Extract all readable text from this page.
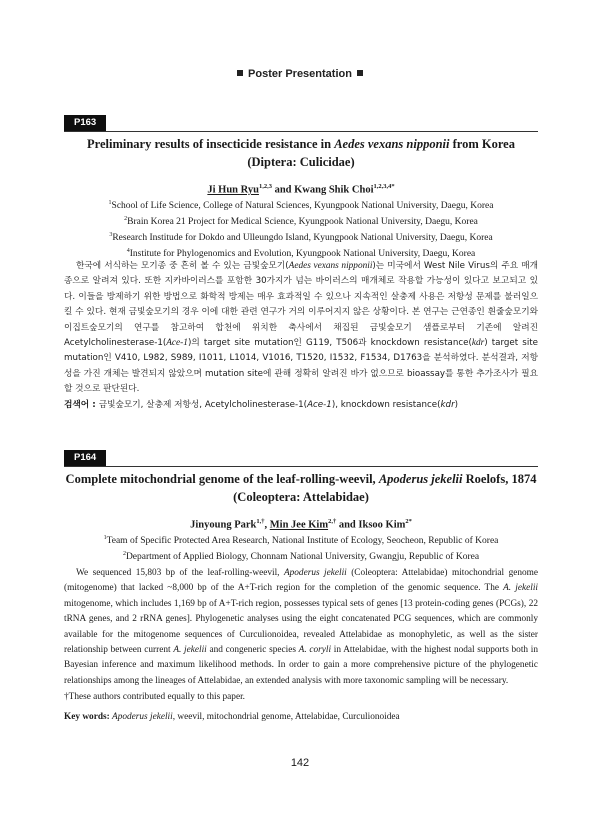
Poster Presentation
P163
Preliminary results of insecticide resistance in Aedes vexans nipponii from Korea
(Diptera: Culicidae)
Ji Hun Ryu$^{1,2,3}$ and Kwang Shik Choi$^{1,2,3,4*}$
$^1$School of Life Science, College of Natural Sciences, Kyungpook National University, Daegu, Korea
$^2$Brain Korea 21 Project for Medical Science, Kyungpook National University, Daegu, Korea
$^3$Research Institude for Dokdo and Ulleungdo Island, Kyungpook National University, Daegu, Korea
$^4$Institute for Phylogenomics and Evolution, Kyungpook National University, Daegu, Korea

한국에 서식하는 모기종 중 흔히 볼 수 있는 금빛숲모기(Aedes vexans nipponii)는 미국에서 West Nile Virus의 주요 매개종으로 알려져 있다. 또한 지카바이러스를 포함한 30가지가 넘는 바이러스의 매개체로 작용할 가능성이 있다고 보고되고 있다. 이들을 방제하기 위한 방법으로 화학적 방제는 매우 효과적일 수 있으나 지속적인 살충제 사용은 저항성 문제를 불러일으킬 수 있다. 현재 금빛숲모기의 경우 이에 대한 관련 연구가 거의 이루어지지 않은 상황이다. 본 연구는 근연종인 흰줄숲모기와 이집트숲모기의 연구를 참고하여 합천에 위치한 축사에서 채집된 금빛숲모기 샘플로부터 기존에 알려진 Acetylcholinesterase-1(Ace-1)의 target site mutation인 G119, T506과 knockdown resistance(kdr) target site mutation인 V410, L982, S989, I1011, L1014, V1016, T1520, I1532, F1534, D1763을 분석하였다. 분석결과, 저항성을 가진 개체는 발견되지 않았으며 mutation site에 관해 정확히 알려진 바가 없으므로 bioassay를 통한 추가조사가 필요할 것으로 판단된다.

검색어 : 금빛숲모기, 살충제 저항성, Acetylcholinesterase-1(Ace-1), knockdown resistance(kdr)
P164
Complete mitochondrial genome of the leaf-rolling-weevil, Apoderus jekelii Roelofs, 1874
(Coleoptera: Attelabidae)
Jinyoung Park$^{1,\dagger}$, Min Jee Kim$^{2,\dagger}$ and Iksoo Kim$^{2*}$
$^1$Team of Specific Protected Area Research, National Institute of Ecology, Seocheon, Republic of Korea
$^2$Department of Applied Biology, Chonnam National University, Gwangju, Republic of Korea

We sequenced 15,803 bp of the leaf-rolling-weevil, Apoderus jekelii (Coleoptera: Attelabidae) mitochondrial genome (mitogenome) that lacked ~8,000 bp of the A+T-rich region for the completion of the genomic sequence. The A. jekelii mitogenome, which includes 1,169 bp of A+T-rich region, possesses typical sets of genes [13 protein-coding genes (PCGs), 22 tRNA genes, and 2 rRNA genes]. Phylogenetic analyses using the eight concatenated PCG sequences, which are commonly available for the mitogenome sequences of Curculionoidea, revealed Attelabidae as monophyletic, as well as the sister relationship between current A. jekelii and congeneric species A. coryli in Attelabidae, with the highest nodal supports both in Bayesian inference and maximum likelihood methods. In order to gain a more comprehensive picture of the phylogenetic relationships among the lineages of Attelabidae, an extended analysis with more taxonomic sampling will be necessary.

†These authors contributed equally to this paper.
Key words: Apoderus jekelii, weevil, mitochondrial genome, Attelabidae, Curculionoidea
142
